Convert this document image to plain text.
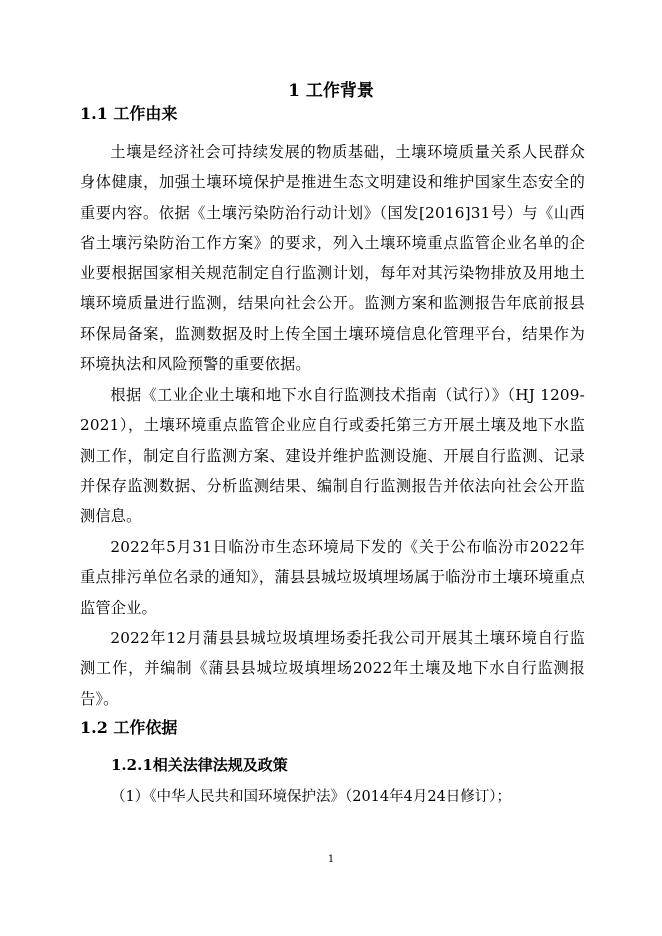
1 工作背景
1.1 工作由来

土壤是经济社会可持续发展的物质基础，土壤环境质量关系人民群众身体健康，加强土壤环境保护是推进生态文明建设和维护国家生态安全的重要内容。依据《土壤污染防治行动计划》（国发[2016]31号）与《山西省土壤污染防治工作方案》的要求，列入土壤环境重点监管企业名单的企业要根据国家相关规范制定自行监测计划，每年对其污染物排放及用地土壤环境质量进行监测，结果向社会公开。监测方案和监测报告年底前报县环保局备案，监测数据及时上传全国土壤环境信息化管理平台，结果作为环境执法和风险预警的重要依据。

根据《工业企业土壤和地下水自行监测技术指南（试行）》（HJ 1209-2021），土壤环境重点监管企业应自行或委托第三方开展土壤及地下水监测工作，制定自行监测方案、建设并维护监测设施、开展自行监测、记录并保存监测数据、分析监测结果、编制自行监测报告并依法向社会公开监测信息。

2022年5月31日临汾市生态环境局下发的《关于公布临汾市2022年重点排污单位名录的通知》，蒲县县城垃圾填埋场属于临汾市土壤环境重点监管企业。

2022年12月蒲县县城垃圾填埋场委托我公司开展其土壤环境自行监测工作，并编制《蒲县县城垃圾填埋场2022年土壤及地下水自行监测报告》。

1.2 工作依据
1.2.1相关法律法规及政策

（1）《中华人民共和国环境保护法》（2014年4月24日修订）；

1
